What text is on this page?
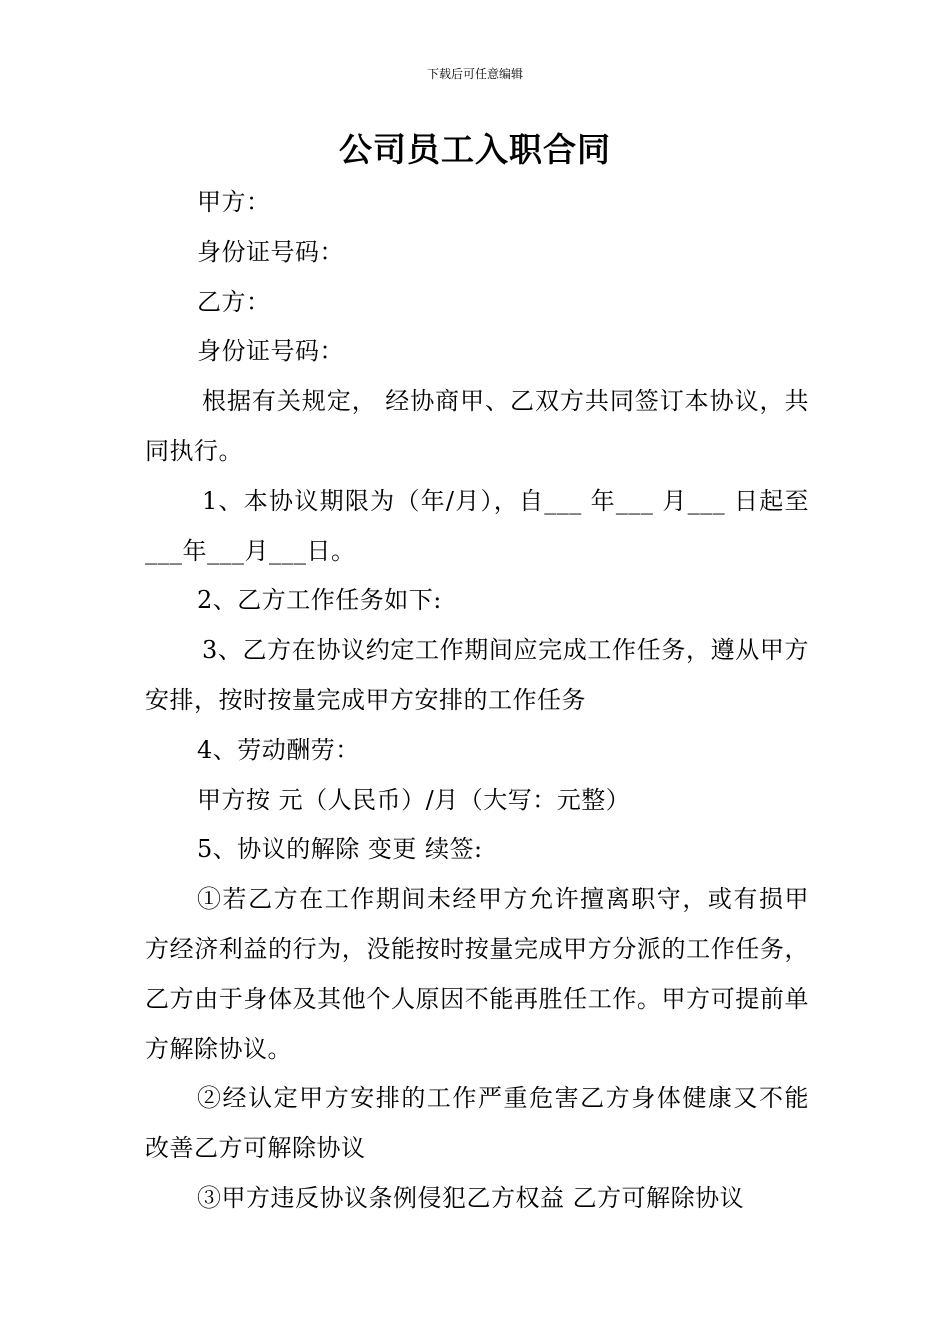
下载后可任意编辑
公司员工入职合同

甲方：

身份证号码：

乙方：

身份证号码：

根据有关规定， 经协商甲、乙双方共同签订本协议，共同执行。

1、本协议期限为（年/月），自___ 年___ 月___ 日起至___年___月___日。

2、乙方工作任务如下:

3、乙方在协议约定工作期间应完成工作任务，遵从甲方安排，按时按量完成甲方安排的工作任务

4、劳动酬劳：

甲方按 元（人民币）/月（大写：元整）

5、协议的解除 变更 续签:

①若乙方在工作期间未经甲方允许擅离职守，或有损甲方经济利益的行为，没能按时按量完成甲方分派的工作任务，乙方由于身体及其他个人原因不能再胜任工作。甲方可提前单方解除协议。

②经认定甲方安排的工作严重危害乙方身体健康又不能改善乙方可解除协议

③甲方违反协议条例侵犯乙方权益 乙方可解除协议
